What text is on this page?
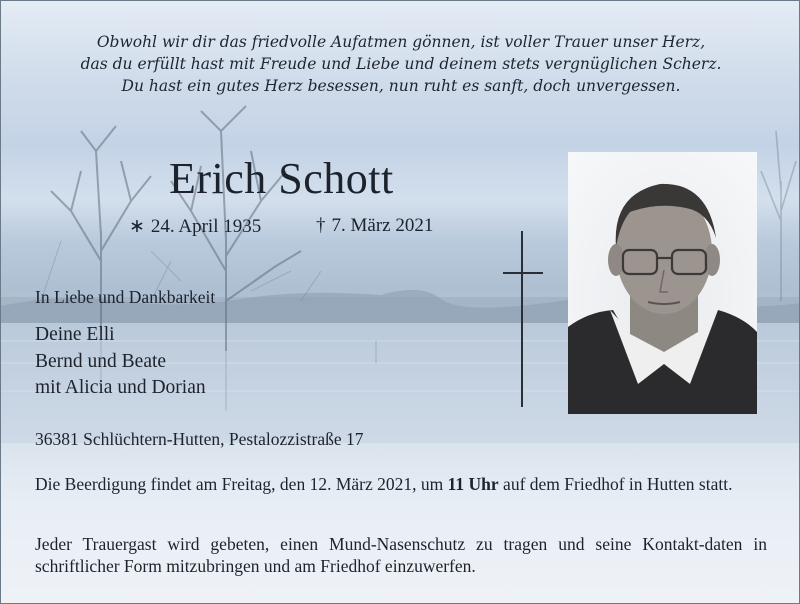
Obwohl wir dir das friedvolle Aufatmen gönnen, ist voller Trauer unser Herz,
das du erfüllt hast mit Freude und Liebe und deinem stets vergnüglichen Scherz.
Du hast ein gutes Herz besessen, nun ruht es sanft, doch unvergessen.
Erich Schott
∗ 24. April 1935	† 7. März 2021
In Liebe und Dankbarkeit
Deine Elli
Bernd und Beate
mit Alicia und Dorian
36381 Schlüchtern-Hutten, Pestalozzistraße 17
Die Beerdigung findet am Freitag, den 12. März 2021, um 11 Uhr auf dem Friedhof in Hutten statt.
Jeder Trauergast wird gebeten, einen Mund-Nasenschutz zu tragen und seine Kontakt-daten in schriftlicher Form mitzubringen und am Friedhof einzuwerfen.
